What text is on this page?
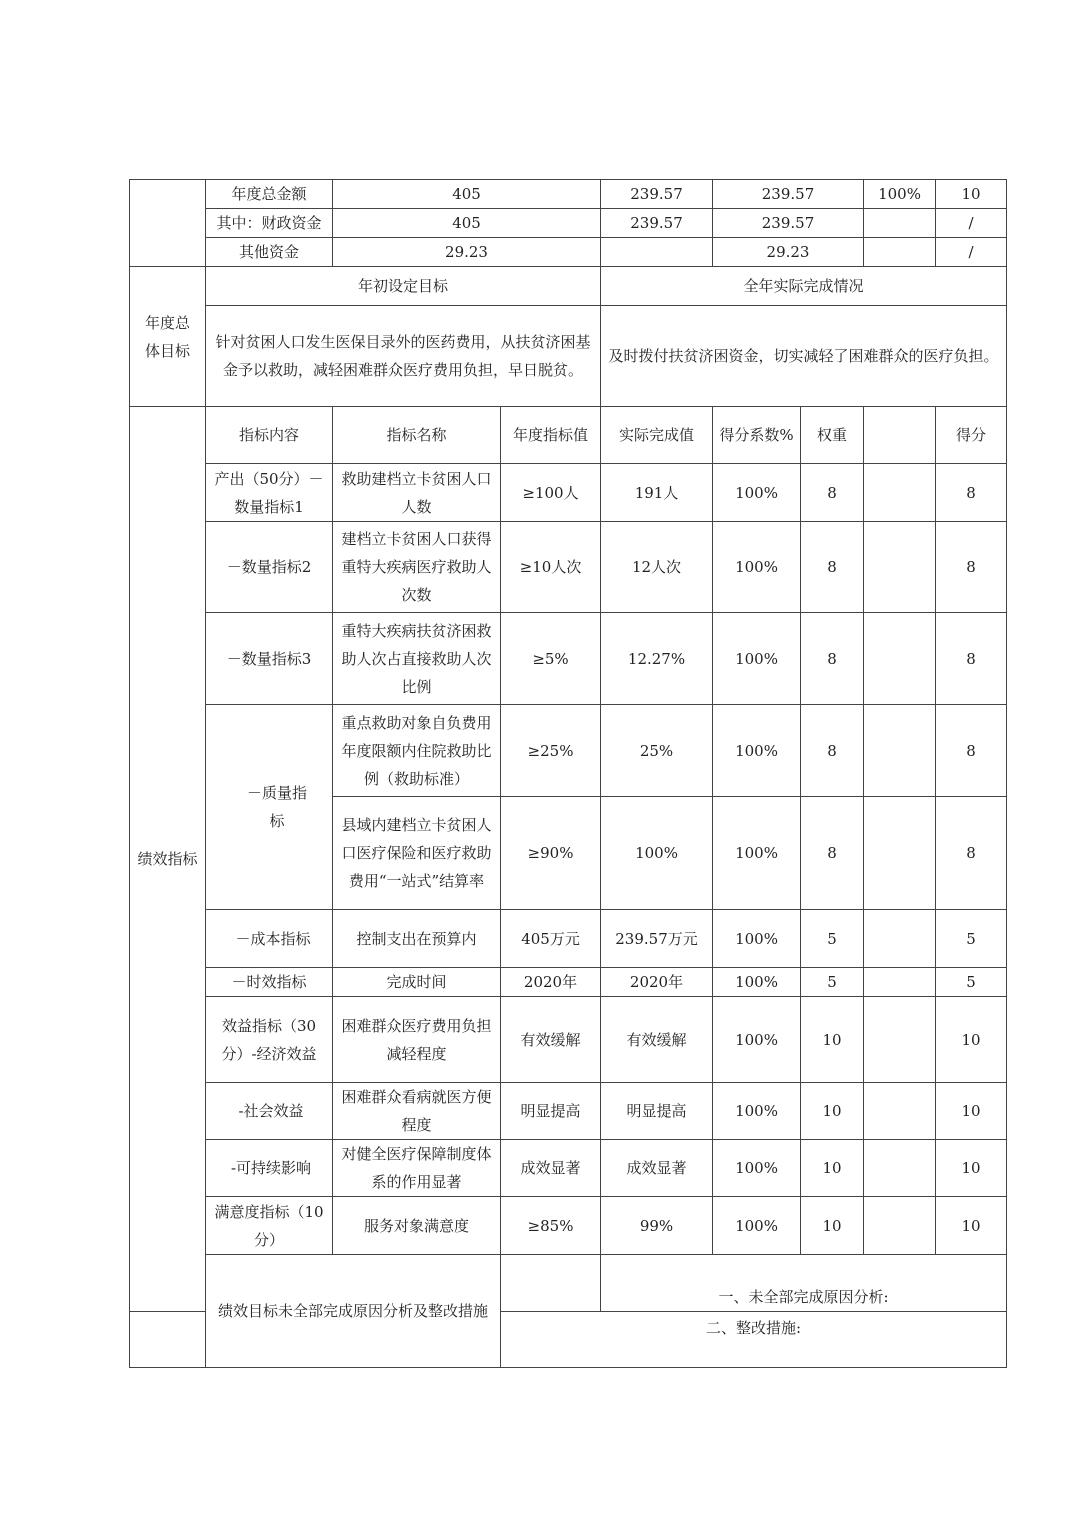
	年度总金额	405		239.57	239.57		100%	10
	其中：财政资金	405		239.57	239.57			/
	其他资金	29.23			29.23			/
年度总体目标	年初设定目标			全年实际完成情况				
	针对贫困人口发生医保目录外的医药费用，从扶贫济困基金予以救助，减轻困难群众医疗费用负担，早日脱贫。			及时拨付扶贫济困资金，切实减轻了困难群众的医疗负担。				
绩效指标	指标内容	指标名称	年度指标值	实际完成值	得分系数%	权重		得分
	产出（50分）－数量指标1	救助建档立卡贫困人口人数	≥100人	191人	100%	8		8
	－数量指标2	建档立卡贫困人口获得重特大疾病医疗救助人次数	≥10人次	12人次	100%	8		8
	－数量指标3	重特大疾病扶贫济困救助人次占直接救助人次比例	≥5%	12.27%	100%	8		8
	－质量指标	重点救助对象自负费用年度限额内住院救助比例（救助标准）	≥25%	25%	100%	8		8
		县域内建档立卡贫困人口医疗保险和医疗救助费用“一站式”结算率	≥90%	100%	100%	8		8
	－成本指标	控制支出在预算内	405万元	239.57万元	100%	5		5
	－时效指标	完成时间	2020年	2020年	100%	5		5
	效益指标（30分）-经济效益	困难群众医疗费用负担减轻程度	有效缓解	有效缓解	100%	10		10
	-社会效益	困难群众看病就医方便程度	明显提高	明显提高	100%	10		10
	-可持续影响	对健全医疗保障制度体系的作用显著	成效显著	成效显著	100%	10		10
	满意度指标（10分）	服务对象满意度	≥85%	99%	100%	10		10
	绩效目标未全部完成原因分析及整改措施			一、未全部完成原因分析:				
			二、整改措施:					
